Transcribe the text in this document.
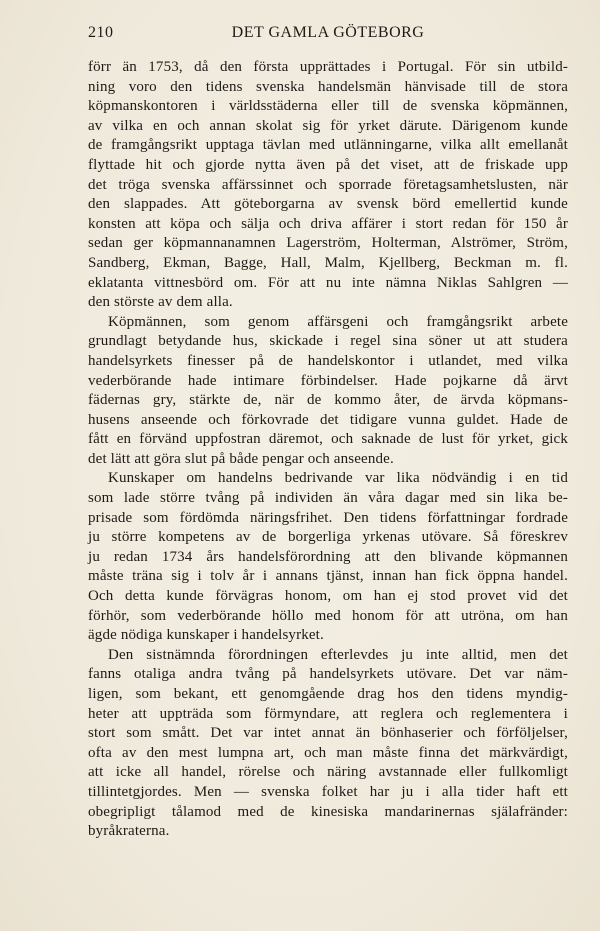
210	DET GAMLA GÖTEBORG
förr än 1753, då den första upprättades i Portugal. För sin utbild-
ning voro den tidens svenska handelsmän hänvisade till de stora
köpmanskontoren i världsstäderna eller till de svenska köpmännen,
av vilka en och annan skolat sig för yrket därute. Därigenom kunde
de framgångsrikt upptaga tävlan med utlänningarne, vilka allt emellanåt
flyttade hit och gjorde nytta även på det viset, att de friskade upp
det tröga svenska affärssinnet och sporrade företagsamhetslusten, när
den slappades. Att göteborgarna av svensk börd emellertid kunde
konsten att köpa och sälja och driva affärer i stort redan för 150 år
sedan ger köpmannanamnen Lagerström, Holterman, Alströmer, Ström,
Sandberg, Ekman, Bagge, Hall, Malm, Kjellberg, Beckman m. fl.
eklatanta vittnesbörd om. För att nu inte nämna Niklas Sahlgren —
den störste av dem alla.
Köpmännen, som genom affärsgeni och framgångsrikt arbete
grundlagt betydande hus, skickade i regel sina söner ut att studera
handelsyrkets finesser på de handelskontor i utlandet, med vilka
vederbörande hade intimare förbindelser. Hade pojkarne då ärvt
fädernas gry, stärkte de, när de kommo åter, de ärvda köpmans-
husens anseende och förkovrade det tidigare vunna guldet. Hade de
fått en förvänd uppfostran däremot, och saknade de lust för yrket, gick
det lätt att göra slut på både pengar och anseende.
Kunskaper om handelns bedrivande var lika nödvändig i en tid
som lade större tvång på individen än våra dagar med sin lika be-
prisade som fördömda näringsfrihet. Den tidens författningar fordrade
ju större kompetens av de borgerliga yrkenas utövare. Så föreskrev
ju redan 1734 års handelsförordning att den blivande köpmannen
måste träna sig i tolv år i annans tjänst, innan han fick öppna handel.
Och detta kunde förvägras honom, om han ej stod provet vid det
förhör, som vederbörande höllo med honom för att utröna, om han
ägde nödiga kunskaper i handelsyrket.
Den sistnämnda förordningen efterlevdes ju inte alltid, men det
fanns otaliga andra tvång på handelsyrkets utövare. Det var näm-
ligen, som bekant, ett genomgående drag hos den tidens myndig-
heter att uppträda som förmyndare, att reglera och reglementera i
stort som smått. Det var intet annat än bönhaserier och förföljelser,
ofta av den mest lumpna art, och man måste finna det märkvärdigt,
att icke all handel, rörelse och näring avstannade eller fullkomligt
tillintetgjordes. Men — svenska folket har ju i alla tider haft ett
obegripligt tålamod med de kinesiska mandarinernas själafränder:
byråkraterna.
